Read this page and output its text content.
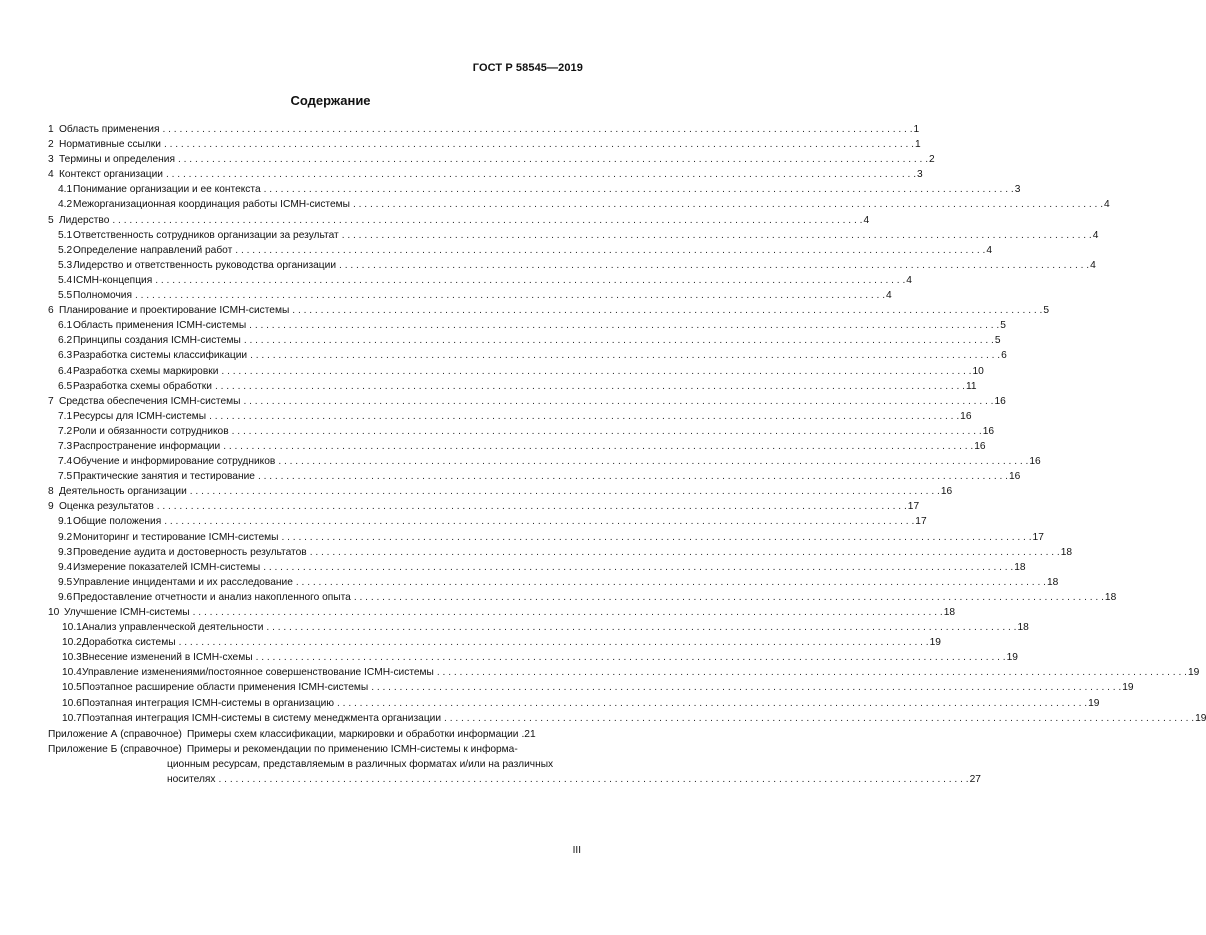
ГОСТ Р 58545—2019
Содержание
1 Область применения . . .	1
2 Нормативные ссылки . . .	1
3 Термины и определения . . .	2
4 Контекст организации . . .	3
4.1 Понимание организации и ее контекста . . .	3
4.2 Межорганизационная координация работы ICMH-системы . . .	4
5 Лидерство . . .	4
5.1 Ответственность сотрудников организации за результат . . .	4
5.2 Определение направлений работ . . .	4
5.3 Лидерство и ответственность руководства организации . . .	4
5.4 ICMH-концепция . . .	4
5.5 Полномочия . . .	4
6 Планирование и проектирование ICMH-системы . . .	5
6.1 Область применения ICMH-системы . . .	5
6.2 Принципы создания ICMH-системы . . .	5
6.3 Разработка системы классификации . . .	6
6.4 Разработка схемы маркировки . . .	10
6.5 Разработка схемы обработки . . .	11
7 Средства обеспечения ICMH-системы . . .	16
7.1 Ресурсы для ICMH-системы . . .	16
7.2 Роли и обязанности сотрудников . . .	16
7.3 Распространение информации . . .	16
7.4 Обучение и информирование сотрудников . . .	16
7.5 Практические занятия и тестирование . . .	16
8 Деятельность организации . . .	16
9 Оценка результатов . . .	17
9.1 Общие положения . . .	17
9.2 Мониторинг и тестирование ICMH-системы . . .	17
9.3 Проведение аудита и достоверность результатов . . .	18
9.4 Измерение показателей ICMH-системы . . .	18
9.5 Управление инцидентами и их расследование . . .	18
9.6 Предоставление отчетности и анализ накопленного опыта . . .	18
10 Улучшение ICMH-системы . . .	18
10.1 Анализ управленческой деятельности . . .	18
10.2 Доработка системы . . .	19
10.3 Внесение изменений в ICMH-схемы . . .	19
10.4 Управление изменениями/постоянное совершенствование ICMH-системы . . .	19
10.5 Поэтапное расширение области применения ICMH-системы . . .	19
10.6 Поэтапная интеграция ICMH-системы в организацию . . .	19
10.7 Поэтапная интеграция ICMH-системы в систему менеджмента организации . . .	19
Приложение А (справочное) Примеры схем классификации, маркировки и обработки информации . 21
Приложение Б (справочное) Примеры и рекомендации по применению ICMH-системы к информа-
ционным ресурсам, представляемым в различных форматах и/или на различных
носителях . . .	27
III
